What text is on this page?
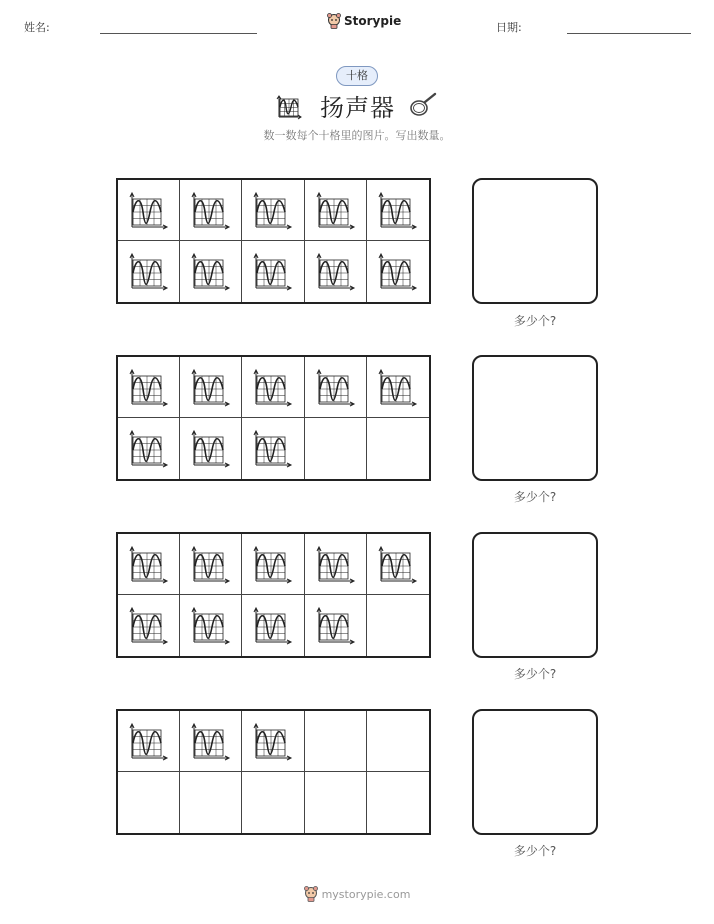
姓名:	Storypie	日期:
十格
扬声器
数一数每个十格里的图片。写出数量。
多少个?
多少个?
多少个?
多少个?
mystorypie.com
